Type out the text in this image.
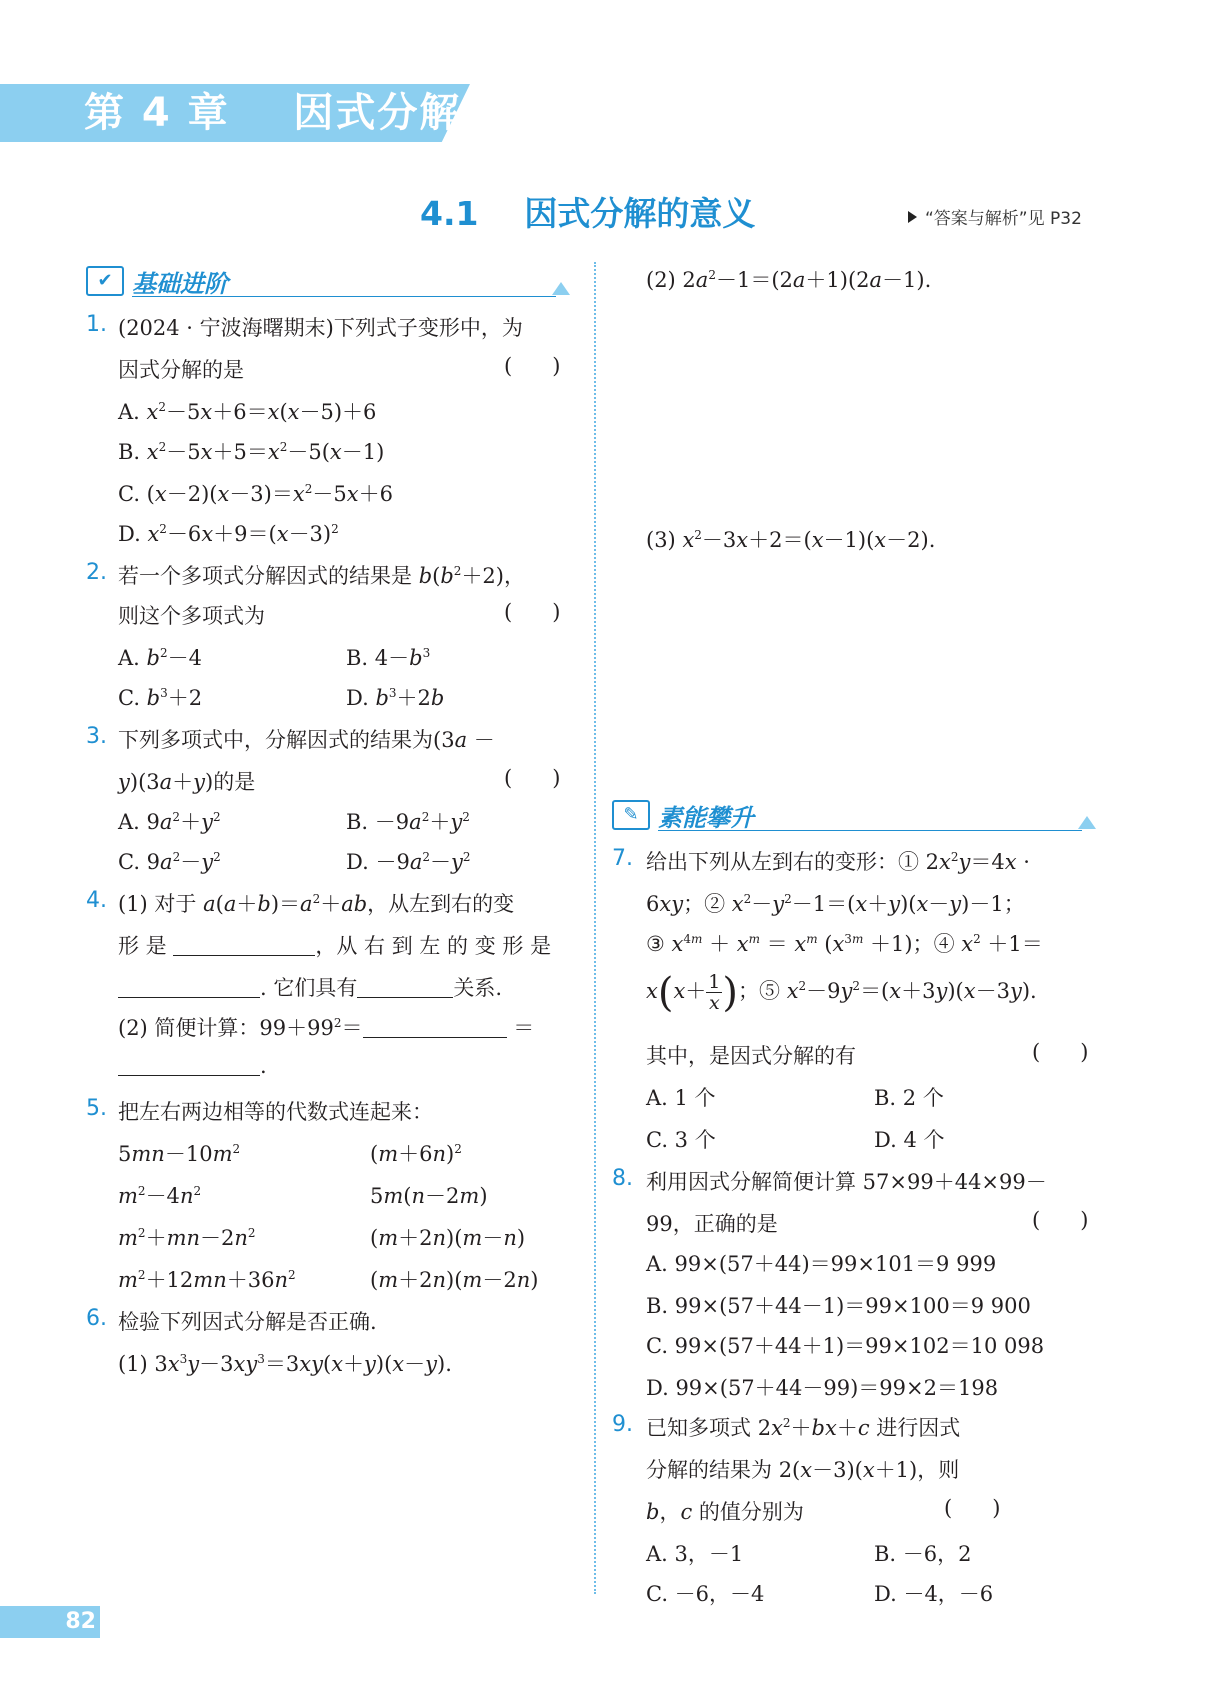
第 4 章    因式分解
4.1    因式分解的意义	“答案与解析”见 P32
✔ 基础进阶
1. (2024 · 宁波海曙期末)下列式子变形中，为
因式分解的是	(      )
A. $x^2-5x+6=x(x-5)+6$
B. $x^2-5x+5=x^2-5(x-1)$
C. $(x-2)(x-3)=x^2-5x+6$
D. $x^2-6x+9=(x-3)^2$
2. 若一个多项式分解因式的结果是 $b(b^2+2)$，
则这个多项式为	(      )
A. $b^2-4$	B. $4-b^3$
C. $b^3+2$	D. $b^3+2b$
3. 下列多项式中，分解因式的结果为(3a －
y)(3a＋y)的是	(      )
A. $9a^2+y^2$	B. $-9a^2+y^2$
C. $9a^2-y^2$	D. $-9a^2-y^2$
4. (1) 对于 $a(a+b)=a^2+ab$，从左到右的变
形 是	，从 右 到 左 的 变 形 是
. 它们具有	关系.
(2) 简便计算：$99+99^2=$	＝
.
5. 把左右两边相等的代数式连起来：
$5mn-10m^2$	$(m+6n)^2$
$m^2-4n^2$	5m(n－2m)
$m^2+mn-2n^2$	(m＋2n)(m－n)
$m^2+12mn+36n^2$	(m＋2n)(m－2n)
6. 检验下列因式分解是否正确.
(1) $3x^3y-3xy^3=3xy(x+y)(x-y)$.
(2) $2a^2-1=(2a+1)(2a-1)$.
(3) $x^2-3x+2=(x-1)(x-2)$.
✎ 素能攀升
7. 给出下列从左到右的变形：① $2x^2y=4x$ ·
6xy；② $x^2-y^2-1=(x+y)(x-y)-1$；
③ $x^{4m} + x^m = x^m$ $(x^{3m} +1)$；④ $x^2 +1=$
$x(x+ \frac{1}{x}$ )；⑤ $x^2-9y^2=(x+3y)(x-3y)$.
其中，是因式分解的有	(      )
A. 1 个	B. 2 个
C. 3 个	D. 4 个
8. 利用因式分解简便计算 57×99＋44×99－
99，正确的是	(      )
A. 99×(57＋44)＝99×101＝9 999
B. 99×(57＋44－1)＝99×100＝9 900
C. 99×(57＋44＋1)＝99×102＝10 098
D. 99×(57＋44－99)＝99×2＝198
9. 已知多项式 $2x^2+bx+c$ 进行因式
分解的结果为 2(x－3)(x＋1)，则
b，c 的值分别为	(      )
A. 3，－1	B. －6，2
C. －6，－4	D. －4，－6
82
